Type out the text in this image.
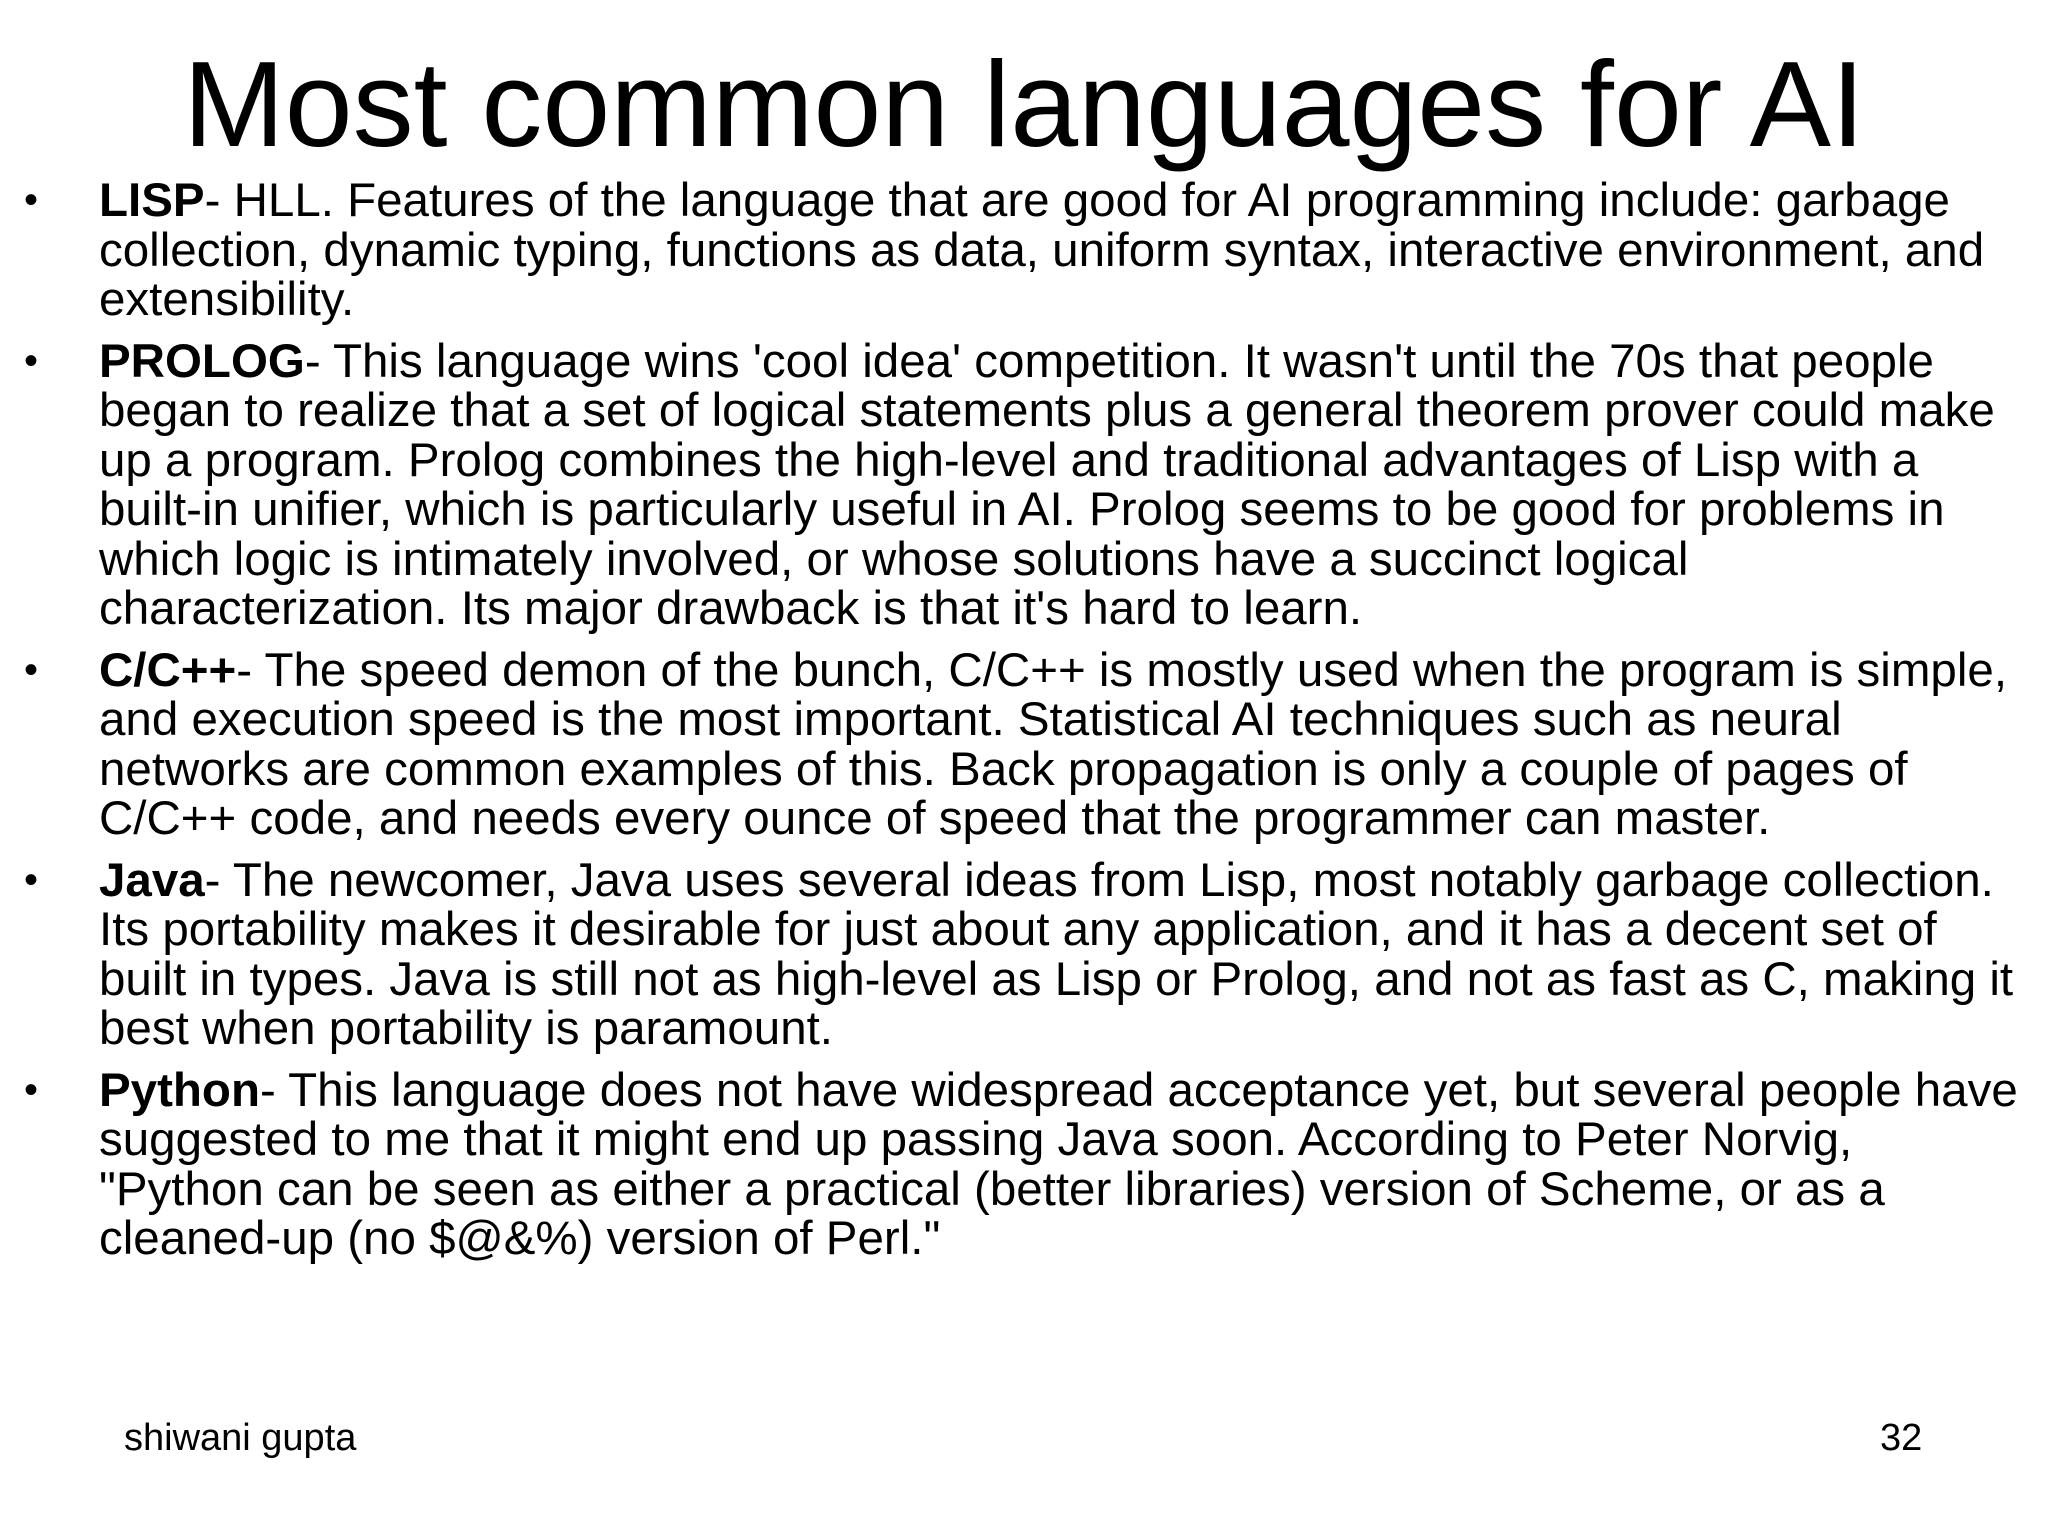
Most common languages for AI
• LISP- HLL. Features of the language that are good for AI programming include: garbage collection, dynamic typing, functions as data, uniform syntax, interactive environment, and extensibility.
• PROLOG- This language wins 'cool idea' competition. It wasn't until the 70s that people began to realize that a set of logical statements plus a general theorem prover could make up a program. Prolog combines the high-level and traditional advantages of Lisp with a built-in unifier, which is particularly useful in AI. Prolog seems to be good for problems in which logic is intimately involved, or whose solutions have a succinct logical characterization. Its major drawback is that it's hard to learn.
• C/C++- The speed demon of the bunch, C/C++ is mostly used when the program is simple, and execution speed is the most important. Statistical AI techniques such as neural networks are common examples of this. Back propagation is only a couple of pages of C/C++ code, and needs every ounce of speed that the programmer can master.
• Java- The newcomer, Java uses several ideas from Lisp, most notably garbage collection. Its portability makes it desirable for just about any application, and it has a decent set of built in types. Java is still not as high-level as Lisp or Prolog, and not as fast as C, making it best when portability is paramount.
• Python- This language does not have widespread acceptance yet, but several people have suggested to me that it might end up passing Java soon. According to Peter Norvig, "Python can be seen as either a practical (better libraries) version of Scheme, or as a cleaned-up (no $@&%) version of Perl."
shiwani gupta	32
